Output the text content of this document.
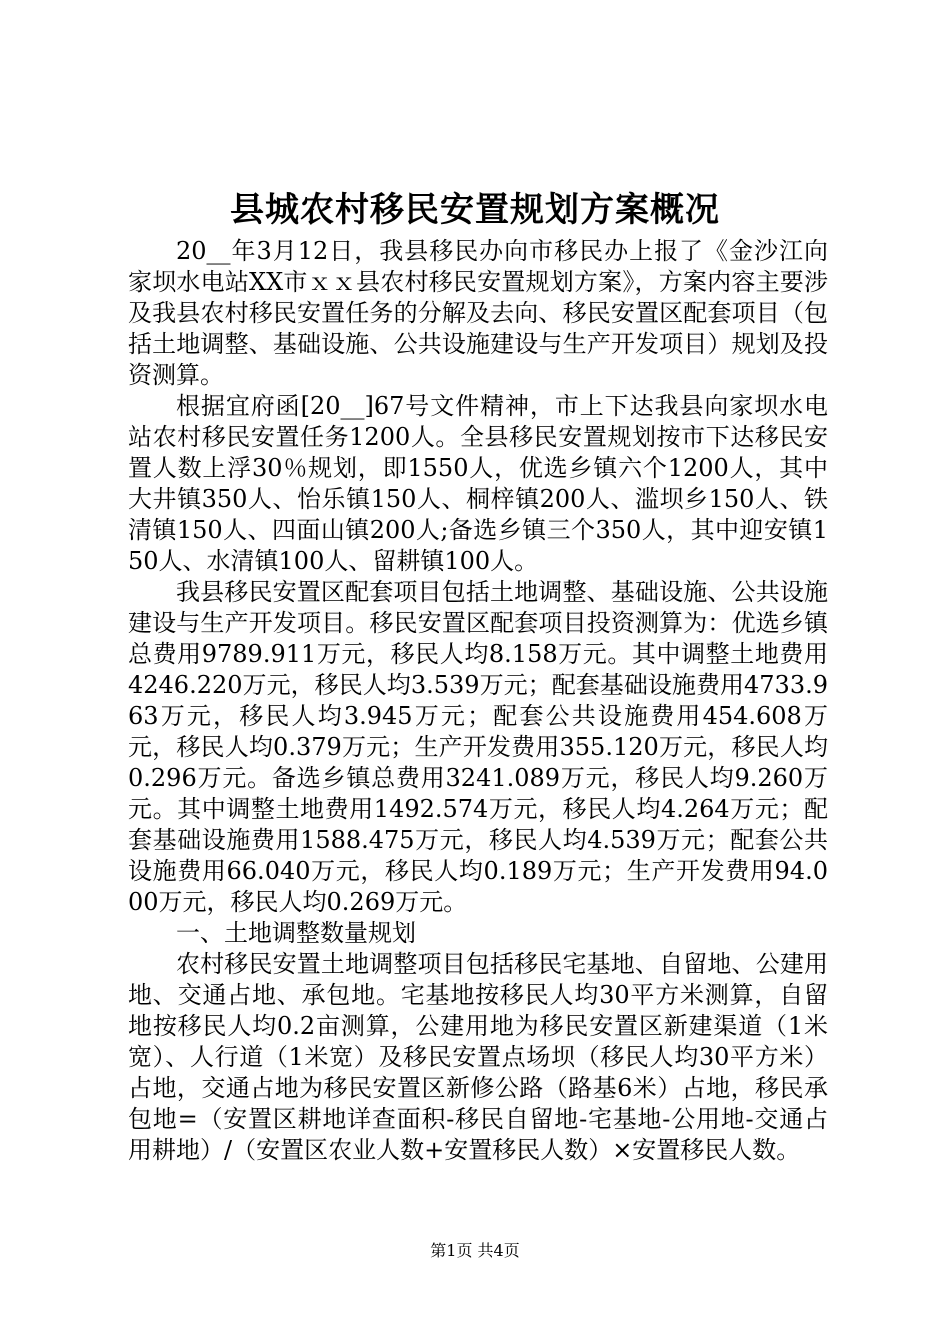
县城农村移民安置规划方案概况

20__年3月12日，我县移民办向市移民办上报了《金沙江向家坝水电站XX市ｘｘ县农村移民安置规划方案》，方案内容主要涉及我县农村移民安置任务的分解及去向、移民安置区配套项目（包括土地调整、基础设施、公共设施建设与生产开发项目）规划及投资测算。

根据宜府函[20__]67号文件精神，市上下达我县向家坝水电站农村移民安置任务1200人。全县移民安置规划按市下达移民安置人数上浮30％规划，即1550人，优选乡镇六个1200人，其中大井镇350人、怡乐镇150人、桐梓镇200人、滥坝乡150人、铁清镇150人、四面山镇200人;备选乡镇三个350人，其中迎安镇150人、水清镇100人、留耕镇100人。

我县移民安置区配套项目包括土地调整、基础设施、公共设施建设与生产开发项目。移民安置区配套项目投资测算为：优选乡镇总费用9789.911万元，移民人均8.158万元。其中调整土地费用4246.220万元，移民人均3.539万元；配套基础设施费用4733.963万元，移民人均3.945万元；配套公共设施费用454.608万元，移民人均0.379万元；生产开发费用355.120万元，移民人均0.296万元。备选乡镇总费用3241.089万元，移民人均9.260万元。其中调整土地费用1492.574万元，移民人均4.264万元；配套基础设施费用1588.475万元，移民人均4.539万元；配套公共设施费用66.040万元，移民人均0.189万元；生产开发费用94.000万元，移民人均0.269万元。

一、土地调整数量规划

农村移民安置土地调整项目包括移民宅基地、自留地、公建用地、交通占地、承包地。宅基地按移民人均30平方米测算，自留地按移民人均0.2亩测算，公建用地为移民安置区新建渠道（1米宽）、人行道（1米宽）及移民安置点场坝（移民人均30平方米）占地，交通占地为移民安置区新修公路（路基6米）占地，移民承包地=（安置区耕地详查面积-移民自留地-宅基地-公用地-交通占用耕地）/（安置区农业人数+安置移民人数）×安置移民人数。

第1页 共4页
